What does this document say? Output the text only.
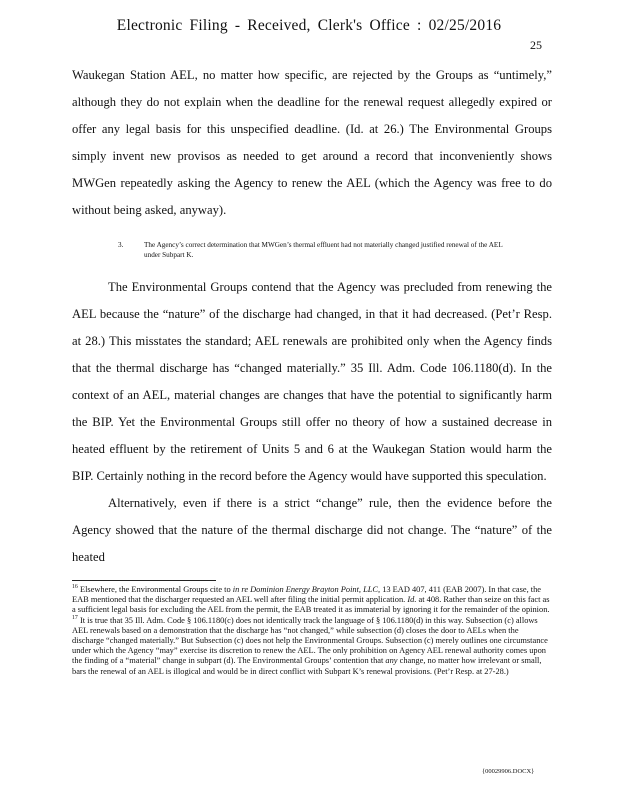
Electronic Filing - Received, Clerk's Office : 02/25/2016
25

Waukegan Station AEL, no matter how specific, are rejected by the Groups as “untimely,” although they do not explain when the deadline for the renewal request allegedly expired or offer any legal basis for this unspecified deadline. (Id. at 26.) The Environmental Groups simply invent new provisos as needed to get around a record that inconveniently shows MWGen repeatedly asking the Agency to renew the AEL (which the Agency was free to do without being asked, anyway).

3.	The Agency’s correct determination that MWGen’s thermal effluent had not materially changed justified renewal of the AEL under Subpart K.

The Environmental Groups contend that the Agency was precluded from renewing the AEL because the “nature” of the discharge had changed, in that it had decreased. (Pet’r Resp. at 28.) This misstates the standard; AEL renewals are prohibited only when the Agency finds that the thermal discharge has “changed materially.” 35 Ill. Adm. Code 106.1180(d). In the context of an AEL, material changes are changes that have the potential to significantly harm the BIP. Yet the Environmental Groups still offer no theory of how a sustained decrease in heated effluent by the retirement of Units 5 and 6 at the Waukegan Station would harm the BIP. Certainly nothing in the record before the Agency would have supported this speculation.

Alternatively, even if there is a strict “change” rule, then the evidence before the Agency showed that the nature of the thermal discharge did not change. The “nature” of the heated

$^{16}$ Elsewhere, the Environmental Groups cite to in re Dominion Energy Brayton Point, LLC, 13 EAD 407, 411 (EAB 2007). In that case, the EAB mentioned that the discharger requested an AEL well after filing the initial permit application. Id. at 408. Rather than seize on this fact as a sufficient legal basis for excluding the AEL from the permit, the EAB treated it as immaterial by ignoring it for the remainder of the opinion.

$^{17}$ It is true that 35 Ill. Adm. Code § 106.1180(c) does not identically track the language of § 106.1180(d) in this way. Subsection (c) allows AEL renewals based on a demonstration that the discharge has “not changed,” while subsection (d) closes the door to AELs when the discharge “changed materially.” But Subsection (c) does not help the Environmental Groups. Subsection (c) merely outlines one circumstance under which the Agency “may” exercise its discretion to renew the AEL. The only prohibition on Agency AEL renewal authority comes upon the finding of a “material” change in subpart (d). The Environmental Groups’ contention that any change, no matter how irrelevant or small, bars the renewal of an AEL is illogical and would be in direct conflict with Subpart K’s renewal provisions. (Pet’r Resp. at 27-28.)

{00029906.DOCX}
